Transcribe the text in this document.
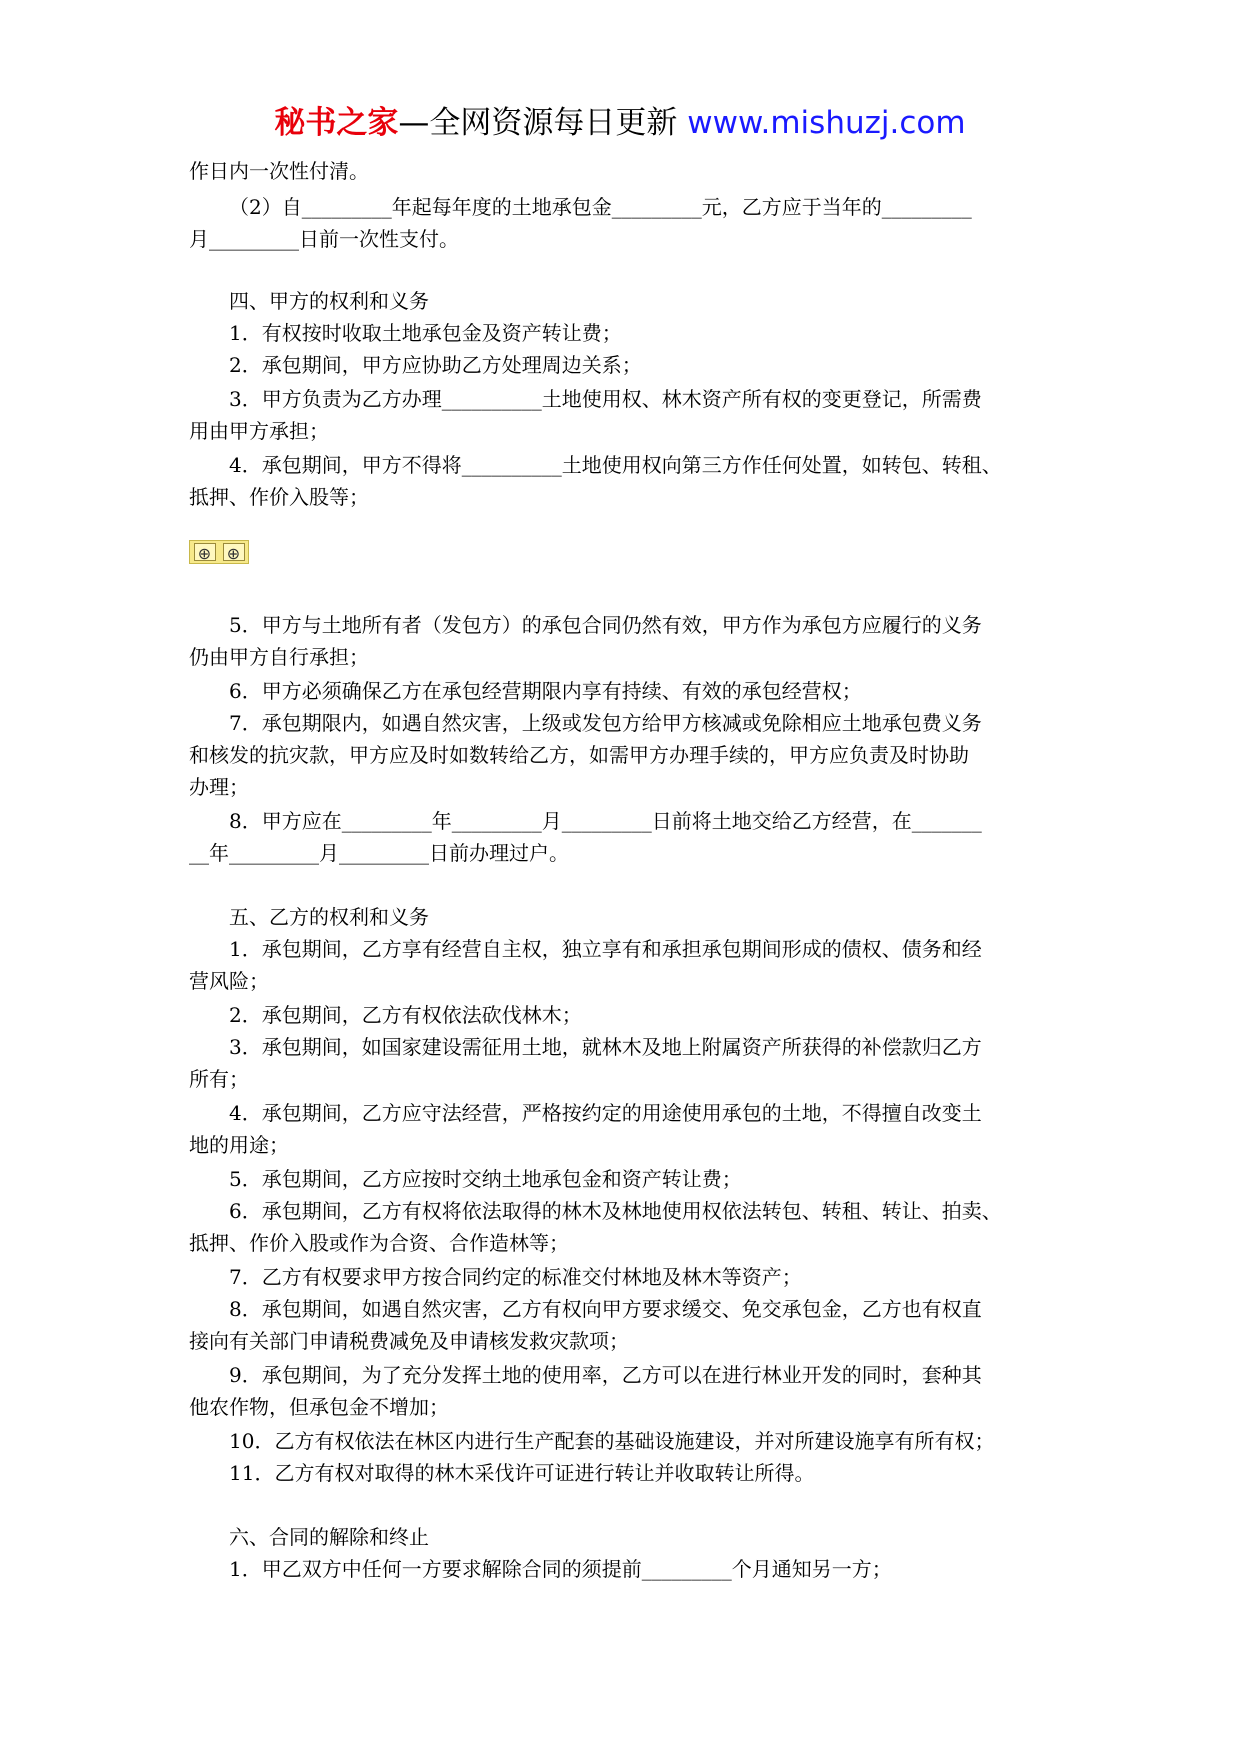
秘书之家—全网资源每日更新 www.mishuzj.com
作日内一次性付清。
（2）自_________年起每年度的土地承包金_________元，乙方应于当年的_________
月_________日前一次性支付。
四、甲方的权利和义务
1．有权按时收取土地承包金及资产转让费；
2．承包期间，甲方应协助乙方处理周边关系；
3．甲方负责为乙方办理__________土地使用权、林木资产所有权的变更登记，所需费
用由甲方承担；
4．承包期间，甲方不得将__________土地使用权向第三方作任何处置，如转包、转租、
抵押、作价入股等；
⊕ ⊕
5．甲方与土地所有者（发包方）的承包合同仍然有效，甲方作为承包方应履行的义务
仍由甲方自行承担；
6．甲方必须确保乙方在承包经营期限内享有持续、有效的承包经营权；
7．承包期限内，如遇自然灾害，上级或发包方给甲方核减或免除相应土地承包费义务
和核发的抗灾款，甲方应及时如数转给乙方，如需甲方办理手续的，甲方应负责及时协助
办理；
8．甲方应在_________年_________月_________日前将土地交给乙方经营，在_______
__年_________月_________日前办理过户。
五、乙方的权利和义务
1．承包期间，乙方享有经营自主权，独立享有和承担承包期间形成的债权、债务和经
营风险；
2．承包期间，乙方有权依法砍伐林木；
3．承包期间，如国家建设需征用土地，就林木及地上附属资产所获得的补偿款归乙方
所有；
4．承包期间，乙方应守法经营，严格按约定的用途使用承包的土地，不得擅自改变土
地的用途；
5．承包期间，乙方应按时交纳土地承包金和资产转让费；
6．承包期间，乙方有权将依法取得的林木及林地使用权依法转包、转租、转让、拍卖、
抵押、作价入股或作为合资、合作造林等；
7．乙方有权要求甲方按合同约定的标准交付林地及林木等资产；
8．承包期间，如遇自然灾害，乙方有权向甲方要求缓交、免交承包金，乙方也有权直
接向有关部门申请税费减免及申请核发救灾款项；
9．承包期间，为了充分发挥土地的使用率，乙方可以在进行林业开发的同时，套种其
他农作物，但承包金不增加；
10．乙方有权依法在林区内进行生产配套的基础设施建设，并对所建设施享有所有权；
11．乙方有权对取得的林木采伐许可证进行转让并收取转让所得。
六、合同的解除和终止
1．甲乙双方中任何一方要求解除合同的须提前_________个月通知另一方；
